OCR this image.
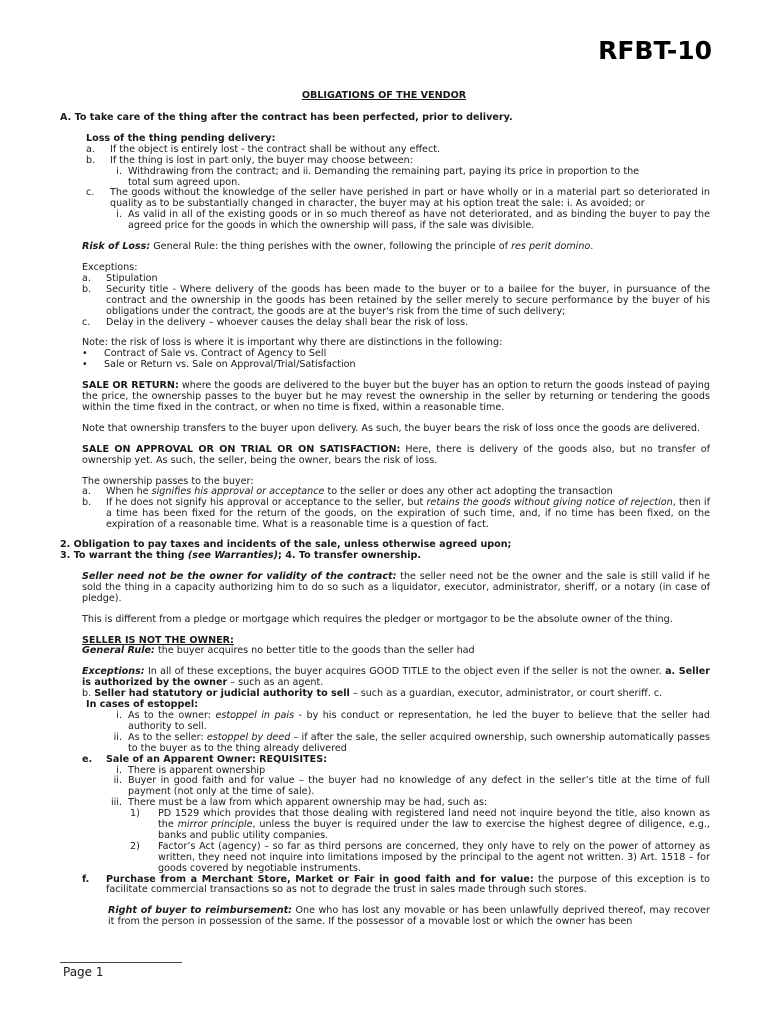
RFBT-10
OBLIGATIONS OF THE VENDOR

A. To take care of the thing after the contract has been perfected, prior to delivery.

Loss of the thing pending delivery:

a.	If the object is entirely lost - the contract shall be without any effect.
b.	If the thing is lost in part only, the buyer may choose between:
i. Withdrawing from the contract; and ii. Demanding the remaining part, paying its price in proportion to the total sum agreed upon.
c.	The goods without the knowledge of the seller have perished in part or have wholly or in a material part so deteriorated in quality as to be substantially changed in character, the buyer may at his option treat the sale: i. As avoided; or
i. As valid in all of the existing goods or in so much thereof as have not deteriorated, and as binding the buyer to pay the agreed price for the goods in which the ownership will pass, if the sale was divisible.

Risk of Loss: General Rule: the thing perishes with the owner, following the principle of res perit domino.

Exceptions:

a.	Stipulation
b.	Security title - Where delivery of the goods has been made to the buyer or to a bailee for the buyer, in pursuance of the contract and the ownership in the goods has been retained by the seller merely to secure performance by the buyer of his obligations under the contract, the goods are at the buyer's risk from the time of such delivery;
c.	Delay in the delivery – whoever causes the delay shall bear the risk of loss.

Note: the risk of loss is where it is important why there are distinctions in the following:

•	Contract of Sale vs. Contract of Agency to Sell
•	Sale or Return vs. Sale on Approval/Trial/Satisfaction

SALE OR RETURN: where the goods are delivered to the buyer but the buyer has an option to return the goods instead of paying the price, the ownership passes to the buyer but he may revest the ownership in the seller by returning or tendering the goods within the time fixed in the contract, or when no time is fixed, within a reasonable time.

Note that ownership transfers to the buyer upon delivery. As such, the buyer bears the risk of loss once the goods are delivered.

SALE ON APPROVAL OR ON TRIAL OR ON SATISFACTION: Here, there is delivery of the goods also, but no transfer of ownership yet. As such, the seller, being the owner, bears the risk of loss.

The ownership passes to the buyer:

a.	When he signifies his approval or acceptance to the seller or does any other act adopting the transaction
b.	If he does not signify his approval or acceptance to the seller, but retains the goods without giving notice of rejection, then if a time has been fixed for the return of the goods, on the expiration of such time, and, if no time has been fixed, on the expiration of a reasonable time. What is a reasonable time is a question of fact.

2. Obligation to pay taxes and incidents of the sale, unless otherwise agreed upon;

3. To warrant the thing (see Warranties); 4. To transfer ownership.

Seller need not be the owner for validity of the contract: the seller need not be the owner and the sale is still valid if he sold the thing in a capacity authorizing him to do so such as a liquidator, executor, administrator, sheriff, or a notary (in case of pledge).

This is different from a pledge or mortgage which requires the pledger or mortgagor to be the absolute owner of the thing.

SELLER IS NOT THE OWNER:

General Rule: the buyer acquires no better title to the goods than the seller had

Exceptions: In all of these exceptions, the buyer acquires GOOD TITLE to the object even if the seller is not the owner. a. Seller is authorized by the owner – such as an agent.

b. Seller had statutory or judicial authority to sell – such as a guardian, executor, administrator, or court sheriff. c.

In cases of estoppel:

i. As to the owner: estoppel in pais - by his conduct or representation, he led the buyer to believe that the seller had authority to sell.
ii. As to the seller: estoppel by deed – if after the sale, the seller acquired ownership, such ownership automatically passes to the buyer as to the thing already delivered
e.	Sale of an Apparent Owner: REQUISITES:
i. There is apparent ownership
ii. Buyer in good faith and for value – the buyer had no knowledge of any defect in the seller’s title at the time of full payment (not only at the time of sale).
iii. There must be a law from which apparent ownership may be had, such as:
1)	PD 1529 which provides that those dealing with registered land need not inquire beyond the title, also known as the mirror principle, unless the buyer is required under the law to exercise the highest degree of diligence, e.g., banks and public utility companies.
2)	Factor’s Act (agency) – so far as third persons are concerned, they only have to rely on the power of attorney as written, they need not inquire into limitations imposed by the principal to the agent not written. 3) Art. 1518 – for goods covered by negotiable instruments.
f.	Purchase from a Merchant Store, Market or Fair in good faith and for value: the purpose of this exception is to facilitate commercial transactions so as not to degrade the trust in sales made through such stores.

Right of buyer to reimbursement: One who has lost any movable or has been unlawfully deprived thereof, may recover it from the person in possession of the same. If the possessor of a movable lost or which the owner has been

Page 1
